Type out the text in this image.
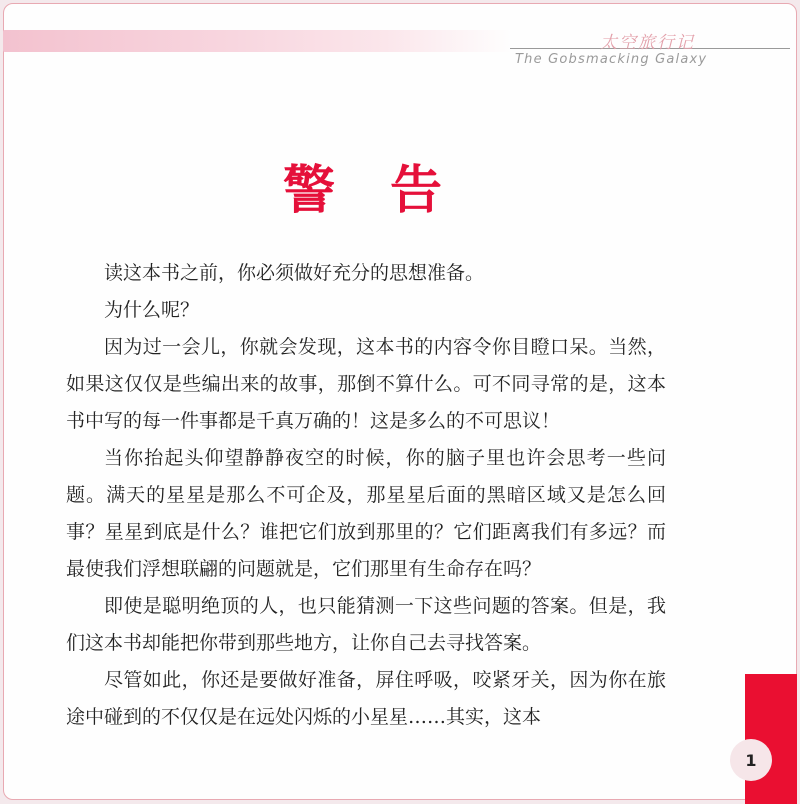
太空旅行记
The Gobsmacking Galaxy
警告

读这本书之前，你必须做好充分的思想准备。

为什么呢？

因为过一会儿，你就会发现，这本书的内容令你目瞪口呆。当然，如果这仅仅是些编出来的故事，那倒不算什么。可不同寻常的是，这本书中写的每一件事都是千真万确的！这是多么的不可思议！

当你抬起头仰望静静夜空的时候，你的脑子里也许会思考一些问题。满天的星星是那么不可企及，那星星后面的黑暗区域又是怎么回事？星星到底是什么？谁把它们放到那里的？它们距离我们有多远？而最使我们浮想联翩的问题就是，它们那里有生命存在吗？

即使是聪明绝顶的人，也只能猜测一下这些问题的答案。但是，我们这本书却能把你带到那些地方，让你自己去寻找答案。

尽管如此，你还是要做好准备，屏住呼吸，咬紧牙关，因为你在旅途中碰到的不仅仅是在远处闪烁的小星星……其实，这本

1
